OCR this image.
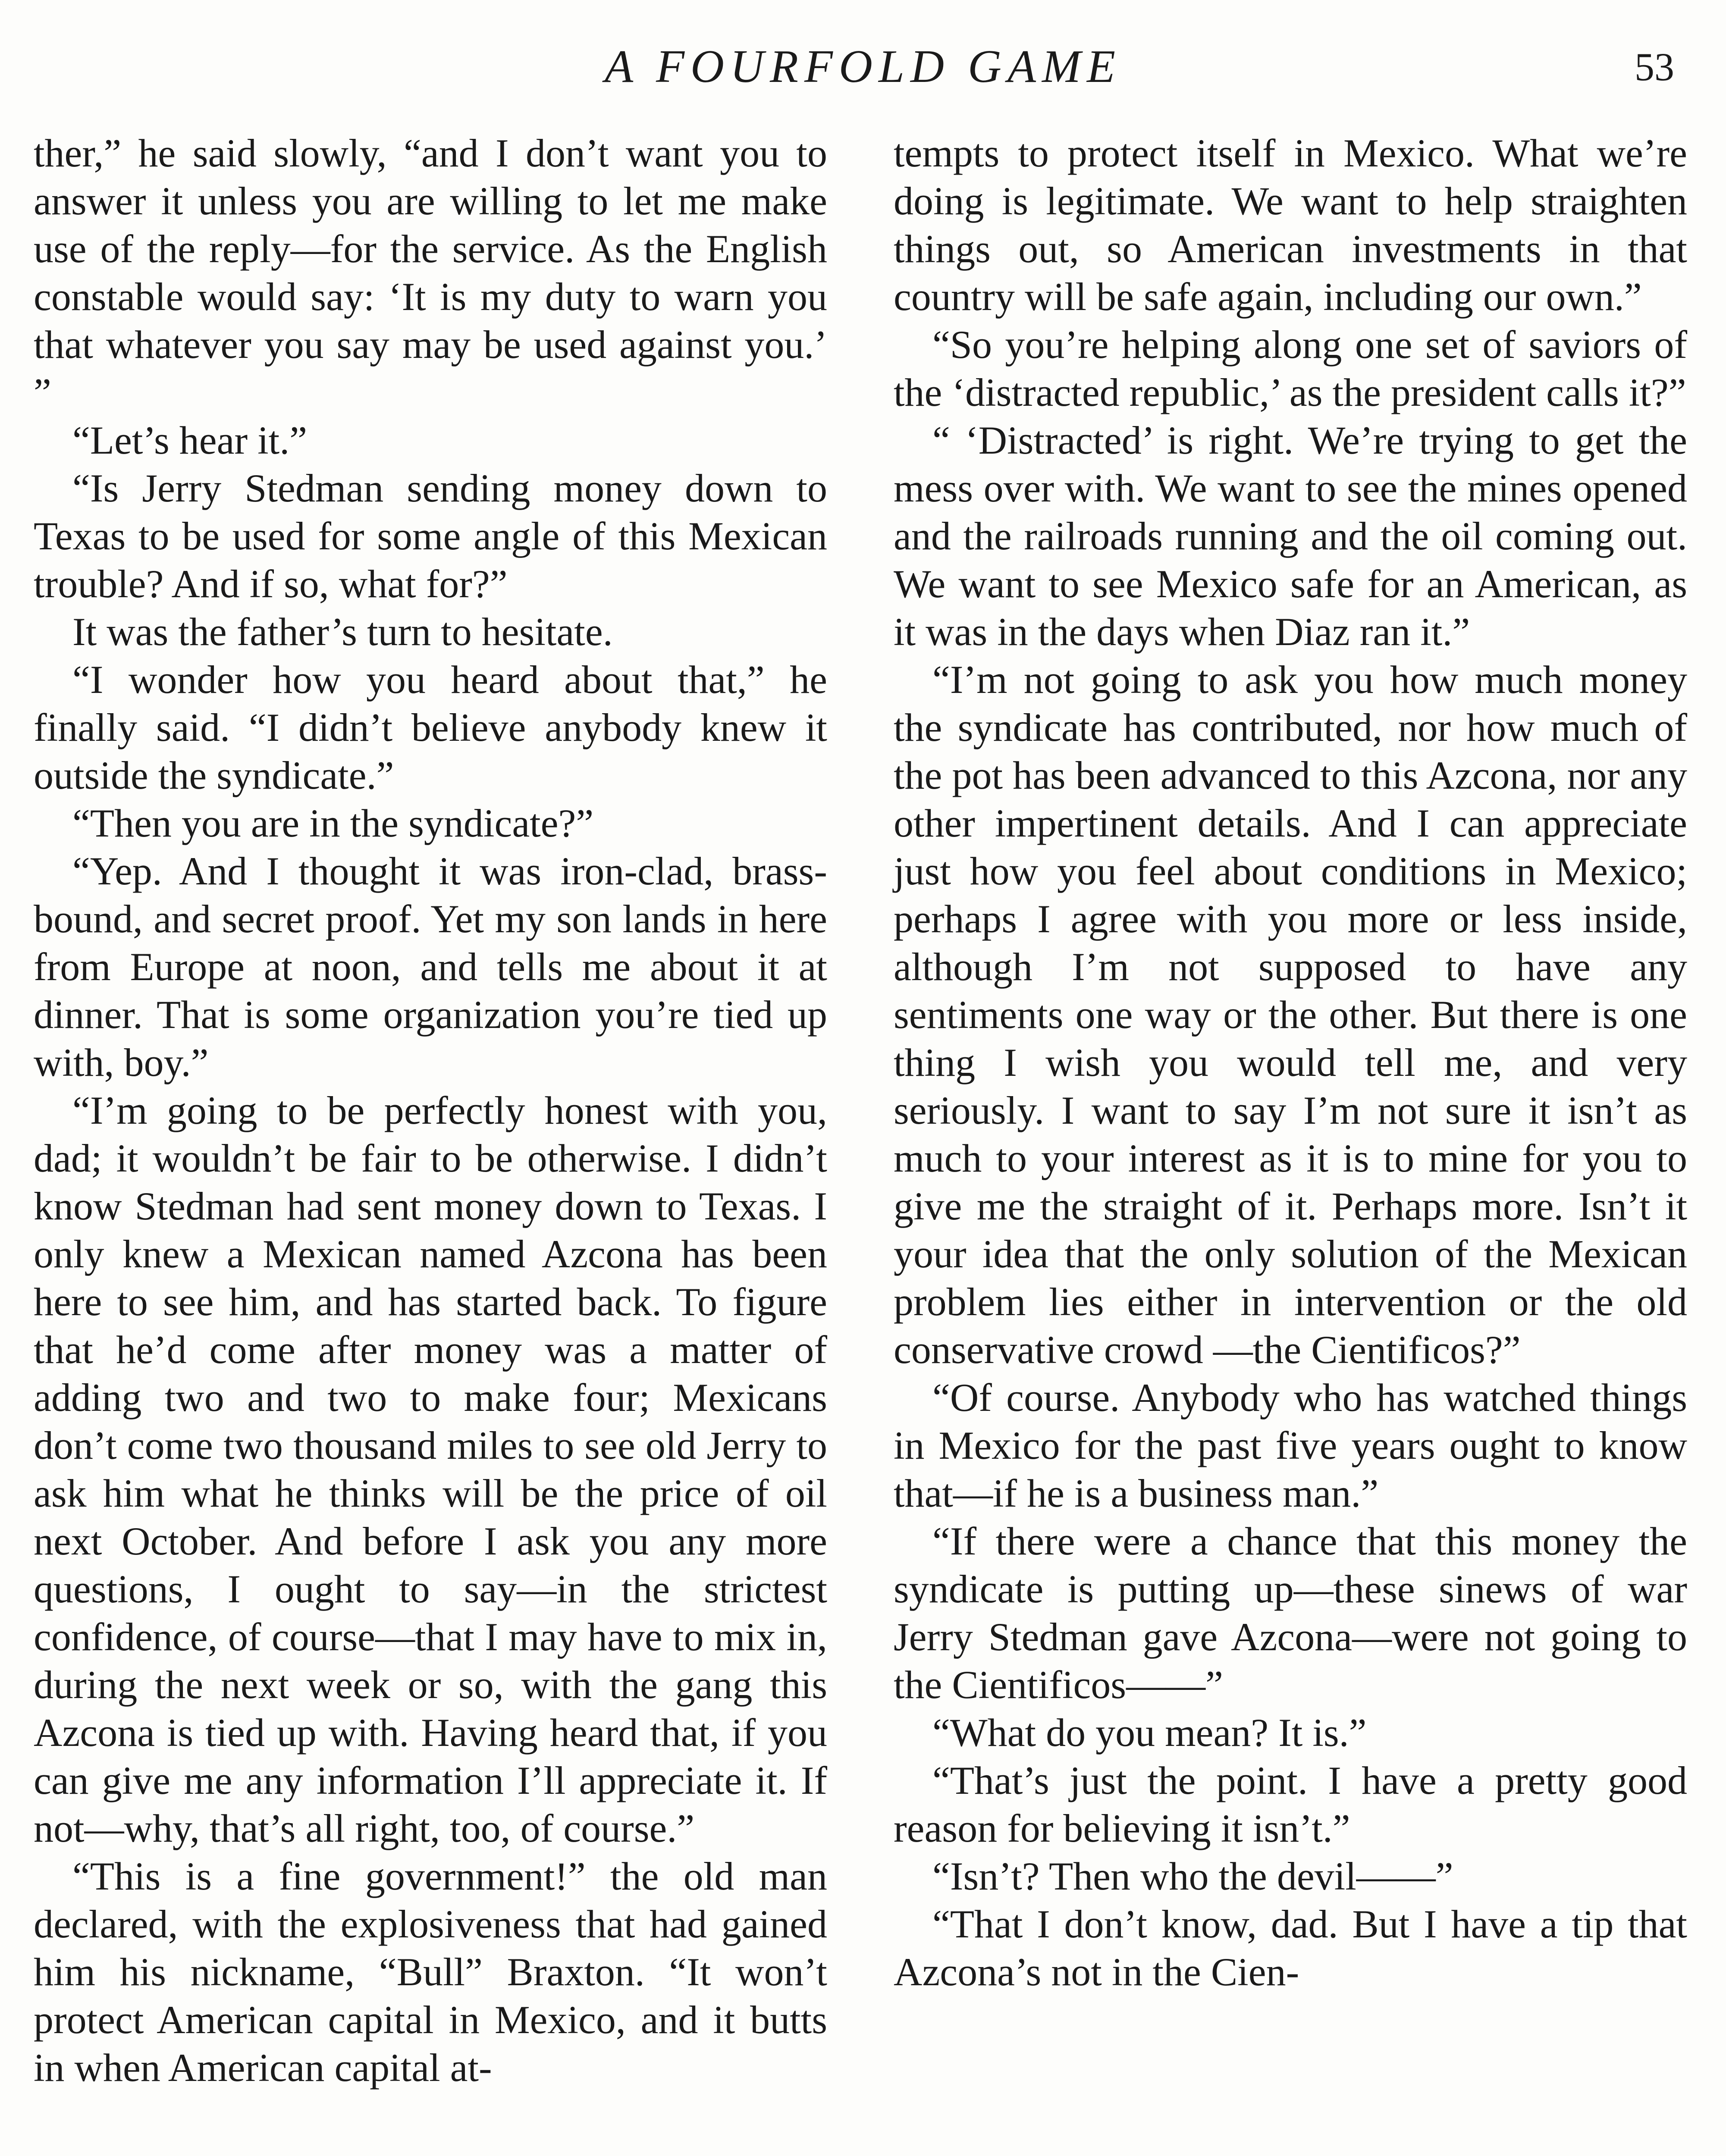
A FOURFOLD GAME	53

ther,” he said slowly, “and I don’t want you to answer it unless you are willing to let me make use of the reply—for the service. As the English constable would say: ‘It is my duty to warn you that whatever you say may be used against you.’ ”

“Let’s hear it.”

“Is Jerry Stedman sending money down to Texas to be used for some angle of this Mexican trouble? And if so, what for?”

It was the father’s turn to hesitate.

“I wonder how you heard about that,” he finally said. “I didn’t believe anybody knew it outside the syndicate.”

“Then you are in the syndicate?”

“Yep. And I thought it was iron-clad, brass-bound, and secret proof. Yet my son lands in here from Europe at noon, and tells me about it at dinner. That is some organization you’re tied up with, boy.”

“I’m going to be perfectly honest with you, dad; it wouldn’t be fair to be otherwise. I didn’t know Stedman had sent money down to Texas. I only knew a Mexican named Azcona has been here to see him, and has started back. To figure that he’d come after money was a matter of adding two and two to make four; Mexicans don’t come two thousand miles to see old Jerry to ask him what he thinks will be the price of oil next October. And before I ask you any more questions, I ought to say—in the strictest confidence, of course—that I may have to mix in, during the next week or so, with the gang this Azcona is tied up with. Having heard that, if you can give me any information I’ll appreciate it. If not—why, that’s all right, too, of course.”

“This is a fine government!” the old man declared, with the explosiveness that had gained him his nickname, “Bull” Braxton. “It won’t protect American capital in Mexico, and it butts in when American capital at-

tempts to protect itself in Mexico. What we’re doing is legitimate. We want to help straighten things out, so American investments in that country will be safe again, including our own.”

“So you’re helping along one set of saviors of the ‘distracted republic,’ as the president calls it?”

“ ‘Distracted’ is right. We’re trying to get the mess over with. We want to see the mines opened and the railroads running and the oil coming out. We want to see Mexico safe for an American, as it was in the days when Diaz ran it.”

“I’m not going to ask you how much money the syndicate has contributed, nor how much of the pot has been advanced to this Azcona, nor any other impertinent details. And I can appreciate just how you feel about conditions in Mexico; perhaps I agree with you more or less inside, although I’m not supposed to have any sentiments one way or the other. But there is one thing I wish you would tell me, and very seriously. I want to say I’m not sure it isn’t as much to your interest as it is to mine for you to give me the straight of it. Perhaps more. Isn’t it your idea that the only solution of the Mexican problem lies either in intervention or the old conservative crowd —the Cientificos?”

“Of course. Anybody who has watched things in Mexico for the past five years ought to know that—if he is a business man.”

“If there were a chance that this money the syndicate is putting up—these sinews of war Jerry Stedman gave Azcona—were not going to the Cientificos——”

“What do you mean? It is.”

“That’s just the point. I have a pretty good reason for believing it isn’t.”

“Isn’t? Then who the devil——”

“That I don’t know, dad. But I have a tip that Azcona’s not in the Cien-
